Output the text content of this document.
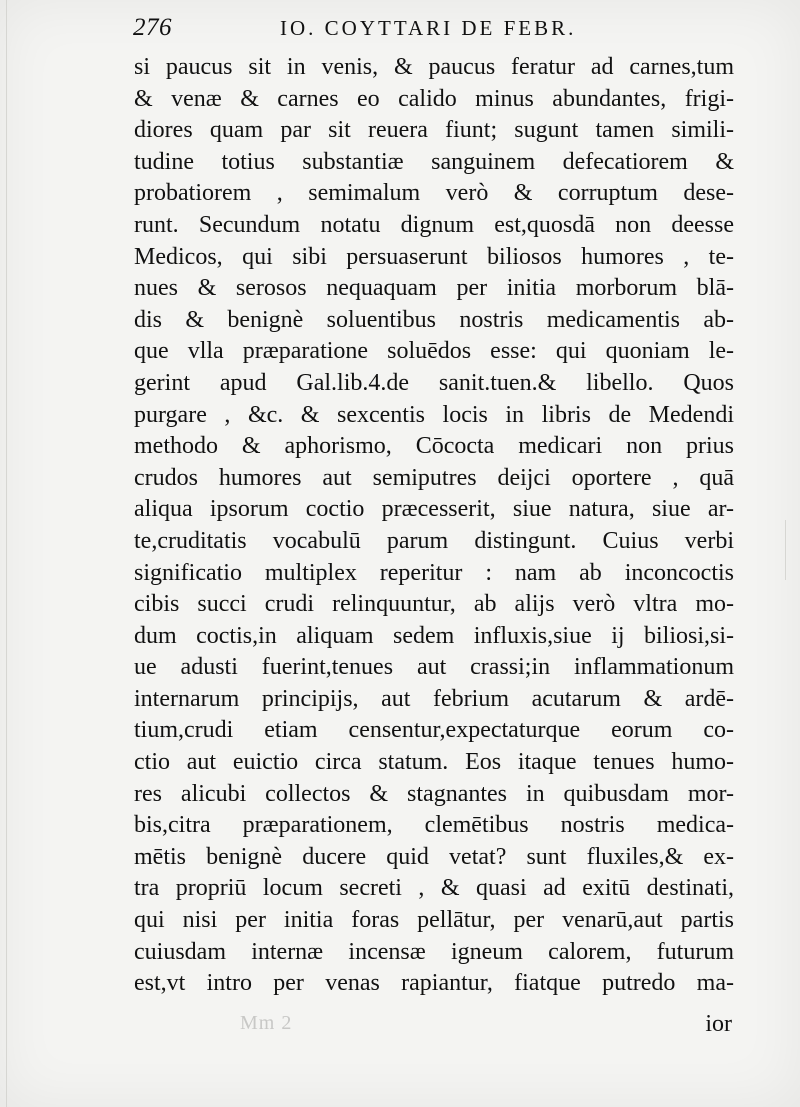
276	IO. COYTTARI DE FEBR.
si paucus sit in venis, & paucus feratur ad carnes,tum
& venæ & carnes eo calido minus abundantes, frigi-
diores quam par sit reuera fiunt; sugunt tamen simili-
tudine totius substantiæ sanguinem defecatiorem &
probatiorem , semimalum verò & corruptum dese-
runt. Secundum notatu dignum est,quosdā non deesse
Medicos, qui sibi persuaserunt biliosos humores , te-
nues & serosos nequaquam per initia morborum blā-
dis & benignè soluentibus nostris medicamentis ab-
que vlla præparatione soluēdos esse: qui quoniam le-
gerint apud Gal.lib.4.de sanit.tuen.& libello. Quos
purgare , &c. & sexcentis locis in libris de Medendi
methodo & aphorismo, Cōcocta medicari non prius
crudos humores aut semiputres deijci oportere , quā
aliqua ipsorum coctio præcesserit, siue natura, siue ar-
te,cruditatis vocabulū parum distingunt. Cuius verbi
significatio multiplex reperitur : nam ab inconcoctis
cibis succi crudi relinquuntur, ab alijs verò vltra mo-
dum coctis,in aliquam sedem influxis,siue ij biliosi,si-
ue adusti fuerint,tenues aut crassi;in inflammationum
internarum principijs, aut febrium acutarum & ardē-
tium,crudi etiam censentur,expectaturque eorum co-
ctio aut euictio circa statum. Eos itaque tenues humo-
res alicubi collectos & stagnantes in quibusdam mor-
bis,citra præparationem, clemētibus nostris medica-
mētis benignè ducere quid vetat? sunt fluxiles,& ex-
tra propriū locum secreti , & quasi ad exitū destinati,
qui nisi per initia foras pellātur, per venarū,aut partis
cuiusdam internæ incensæ igneum calorem, futurum
est,vt intro per venas rapiantur, fiatque putredo ma-
Mm 2	ior
